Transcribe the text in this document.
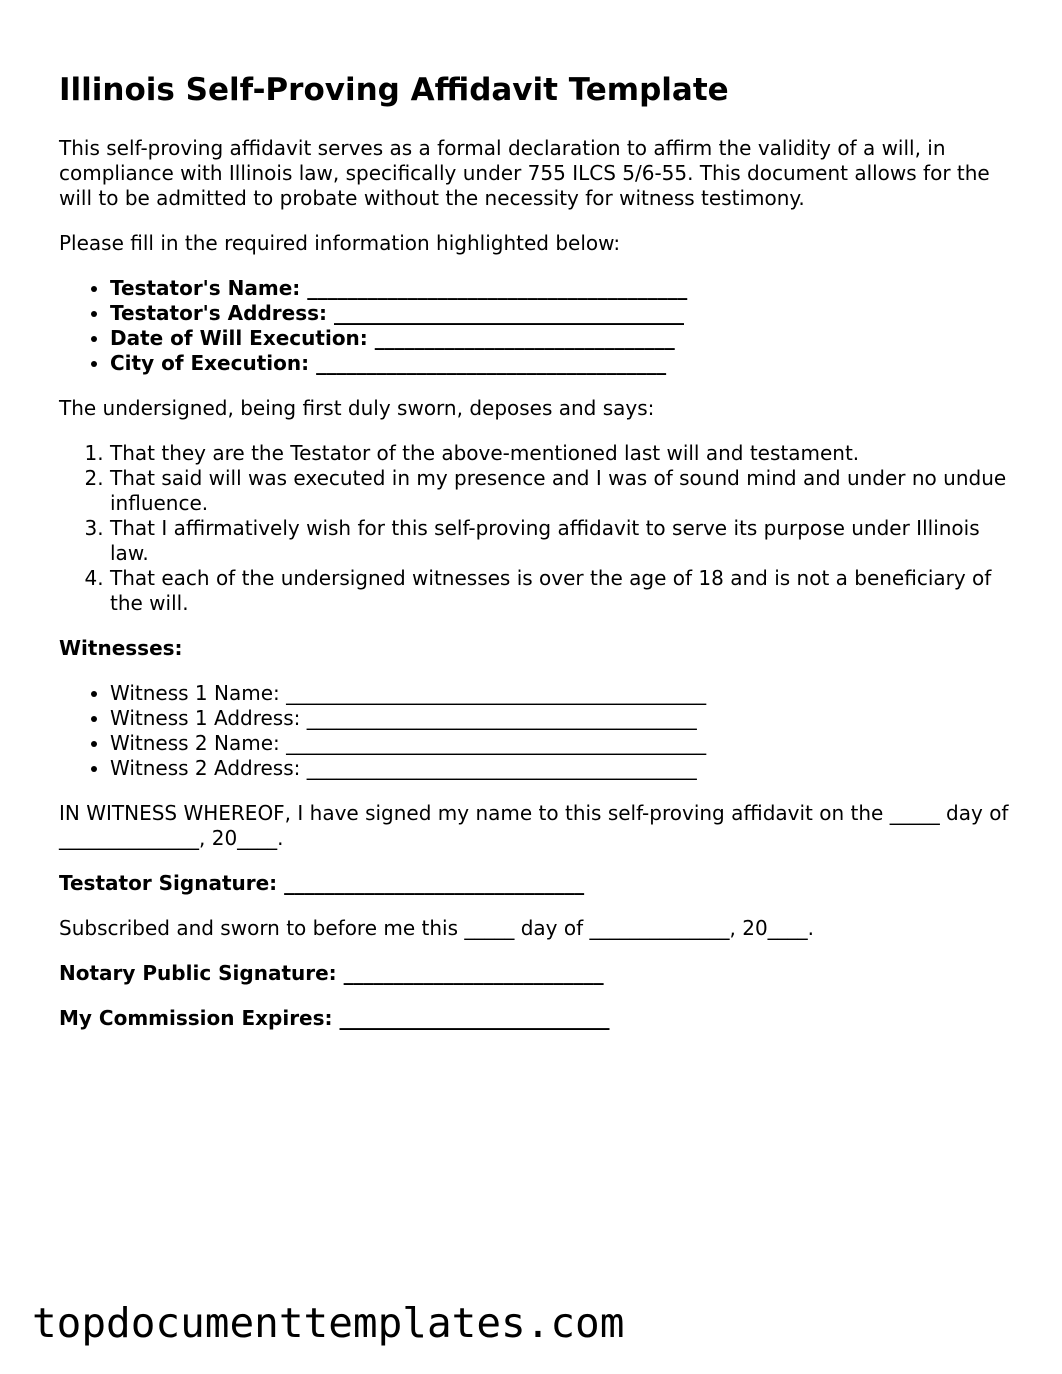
Illinois Self-Proving Affidavit Template

This self-proving affidavit serves as a formal declaration to affirm the validity of a will, in compliance with Illinois law, specifically under 755 ILCS 5/6-55. This document allows for the will to be admitted to probate without the necessity for witness testimony.

Please fill in the required information highlighted below:

• Testator's Name: ______________________________________
• Testator's Address: ___________________________________
• Date of Will Execution: ______________________________
• City of Execution: ___________________________________

The undersigned, being first duly sworn, deposes and says:

1. That they are the Testator of the above-mentioned last will and testament.
2. That said will was executed in my presence and I was of sound mind and under no undue influence.
3. That I affirmatively wish for this self-proving affidavit to serve its purpose under Illinois law.
4. That each of the undersigned witnesses is over the age of 18 and is not a beneficiary of the will.

Witnesses:

• Witness 1 Name: __________________________________________
• Witness 1 Address: _______________________________________
• Witness 2 Name: __________________________________________
• Witness 2 Address: _______________________________________

IN WITNESS WHEREOF, I have signed my name to this self-proving affidavit on the _____ day of ______________, 20____.

Testator Signature: ______________________________

Subscribed and sworn to before me this _____ day of ______________, 20____.

Notary Public Signature: __________________________

My Commission Expires: ___________________________

topdocumenttemplates.com
